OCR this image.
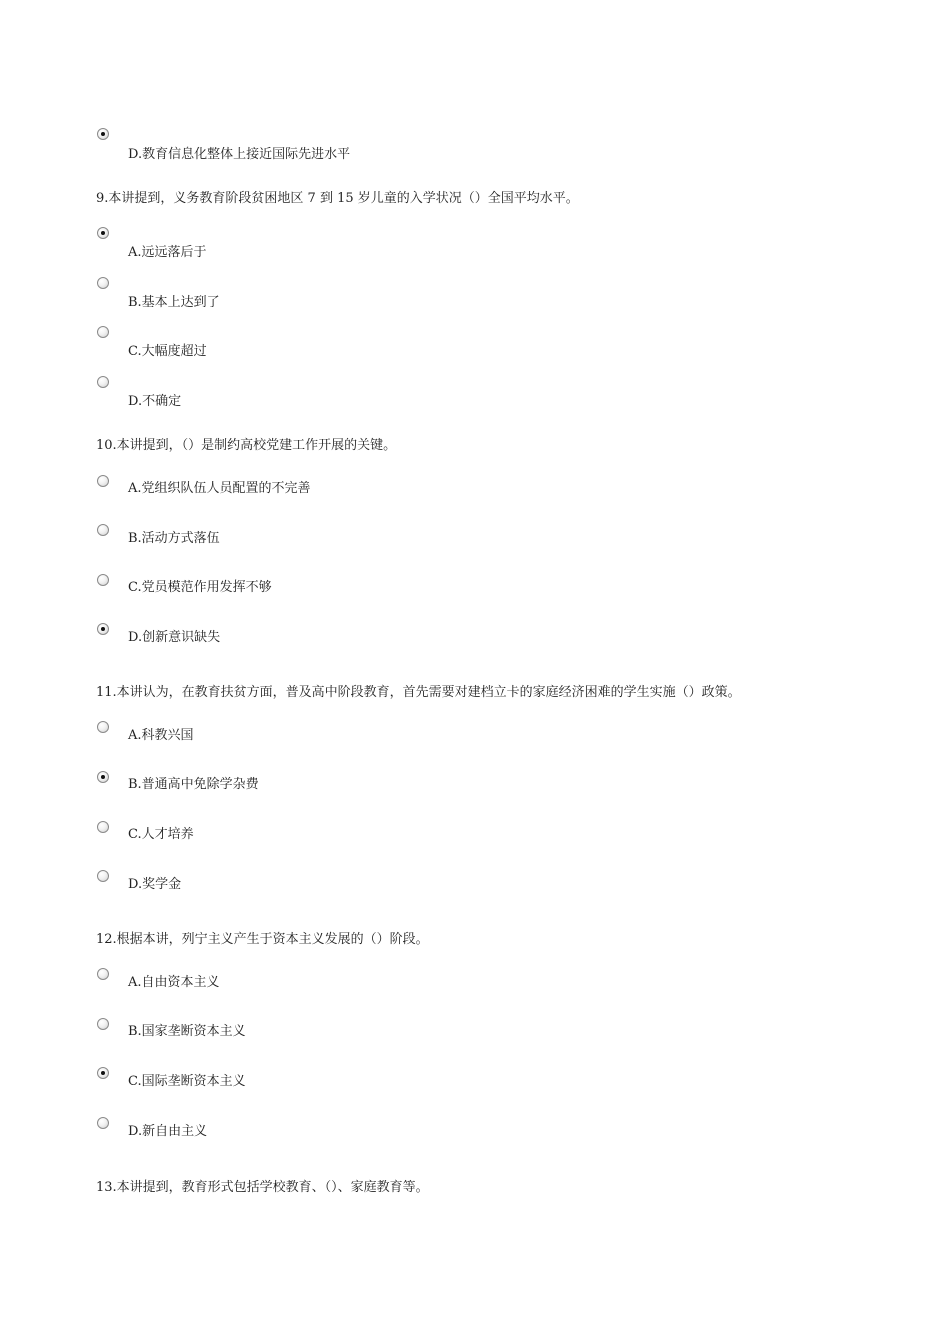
D.教育信息化整体上接近国际先进水平
9.本讲提到，义务教育阶段贫困地区 7 到 15 岁儿童的入学状况（）全国平均水平。
A.远远落后于
B.基本上达到了
C.大幅度超过
D.不确定
10.本讲提到，（）是制约高校党建工作开展的关键。
A.党组织队伍人员配置的不完善
B.活动方式落伍
C.党员模范作用发挥不够
D.创新意识缺失
11.本讲认为，在教育扶贫方面，普及高中阶段教育，首先需要对建档立卡的家庭经济困难的学生实施（）政策。
A.科教兴国
B.普通高中免除学杂费
C.人才培养
D.奖学金
12.根据本讲，列宁主义产生于资本主义发展的（）阶段。
A.自由资本主义
B.国家垄断资本主义
C.国际垄断资本主义
D.新自由主义
13.本讲提到，教育形式包括学校教育、（）、家庭教育等。
